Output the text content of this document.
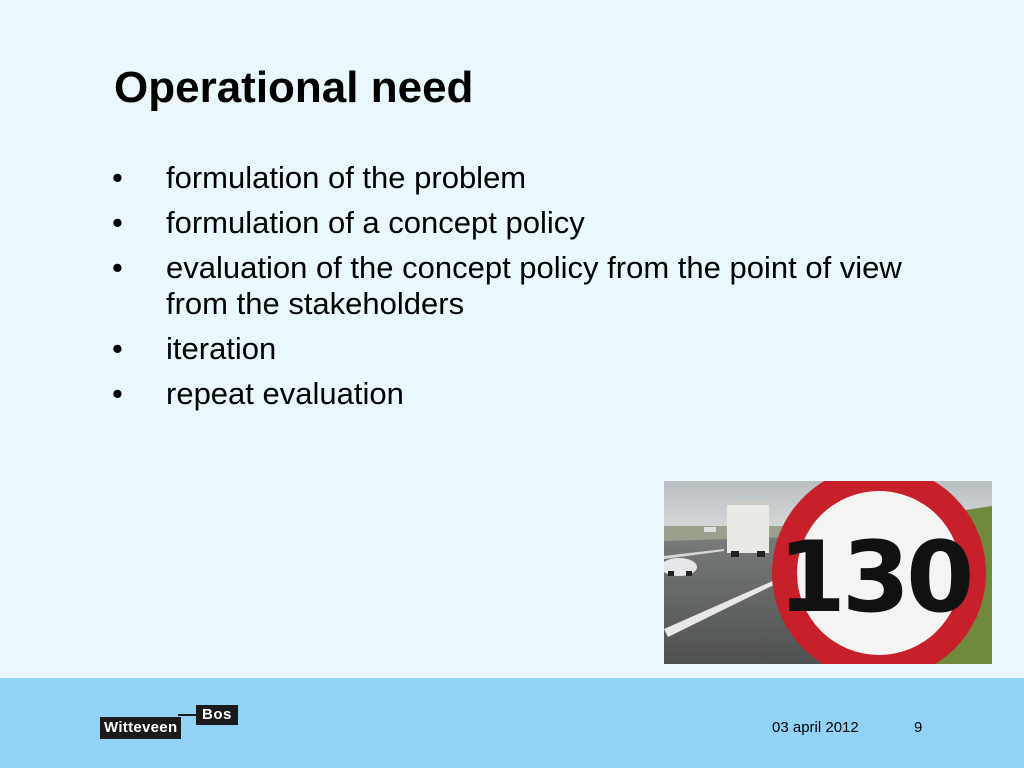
Operational need
• formulation of the problem
• formulation of a concept policy
• evaluation of the concept policy from the point of view from the stakeholders
• iteration
• repeat evaluation
130
Bos
Witteveen	03 april 2012	9
